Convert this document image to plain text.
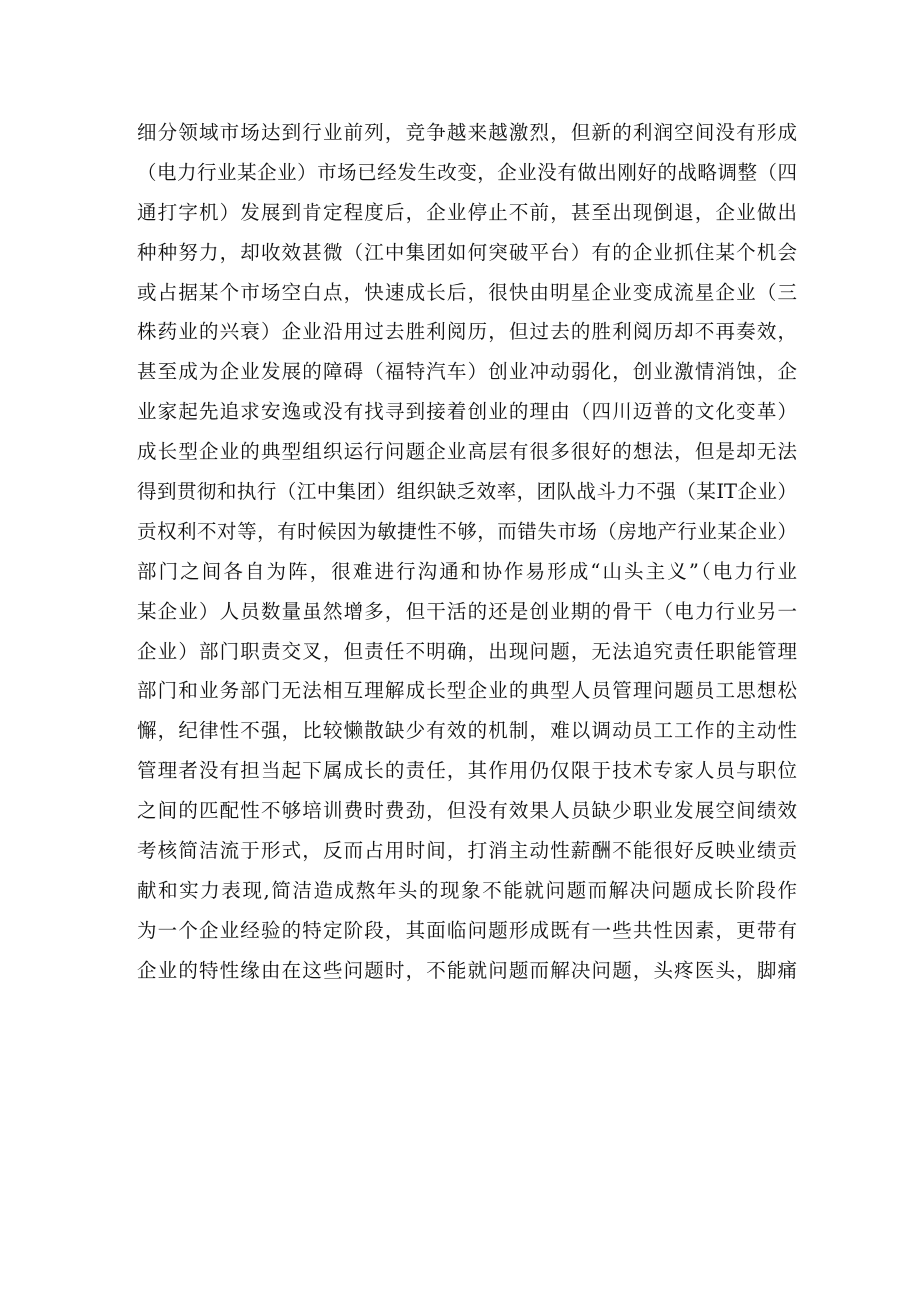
细分领域市场达到行业前列，竞争越来越激烈，但新的利润空间没有形成
（电力行业某企业）市场已经发生改变，企业没有做出刚好的战略调整（四
通打字机）发展到肯定程度后，企业停止不前，甚至出现倒退，企业做出
种种努力，却收效甚微（江中集团如何突破平台）有的企业抓住某个机会
或占据某个市场空白点，快速成长后，很快由明星企业变成流星企业（三
株药业的兴衰）企业沿用过去胜利阅历，但过去的胜利阅历却不再奏效，
甚至成为企业发展的障碍（福特汽车）创业冲动弱化，创业激情消蚀，企
业家起先追求安逸或没有找寻到接着创业的理由（四川迈普的文化变革）
成长型企业的典型组织运行问题企业高层有很多很好的想法，但是却无法
得到贯彻和执行（江中集团）组织缺乏效率，团队战斗力不强（某IT企业）
贡权利不对等，有时候因为敏捷性不够，而错失市场（房地产行业某企业）
部门之间各自为阵，很难进行沟通和协作易形成“山头主义”（电力行业
某企业）人员数量虽然增多，但干活的还是创业期的骨干（电力行业另一
企业）部门职责交叉，但责任不明确，出现问题，无法追究责任职能管理
部门和业务部门无法相互理解成长型企业的典型人员管理问题员工思想松
懈，纪律性不强，比较懒散缺少有效的机制，难以调动员工工作的主动性
管理者没有担当起下属成长的责任，其作用仍仅限于技术专家人员与职位
之间的匹配性不够培训费时费劲，但没有效果人员缺少职业发展空间绩效
考核简洁流于形式，反而占用时间，打消主动性薪酬不能很好反映业绩贡
献和实力表现,简洁造成熬年头的现象不能就问题而解决问题成长阶段作
为一个企业经验的特定阶段，其面临问题形成既有一些共性因素，更带有
企业的特性缘由在这些问题时，不能就问题而解决问题，头疼医头，脚痛
